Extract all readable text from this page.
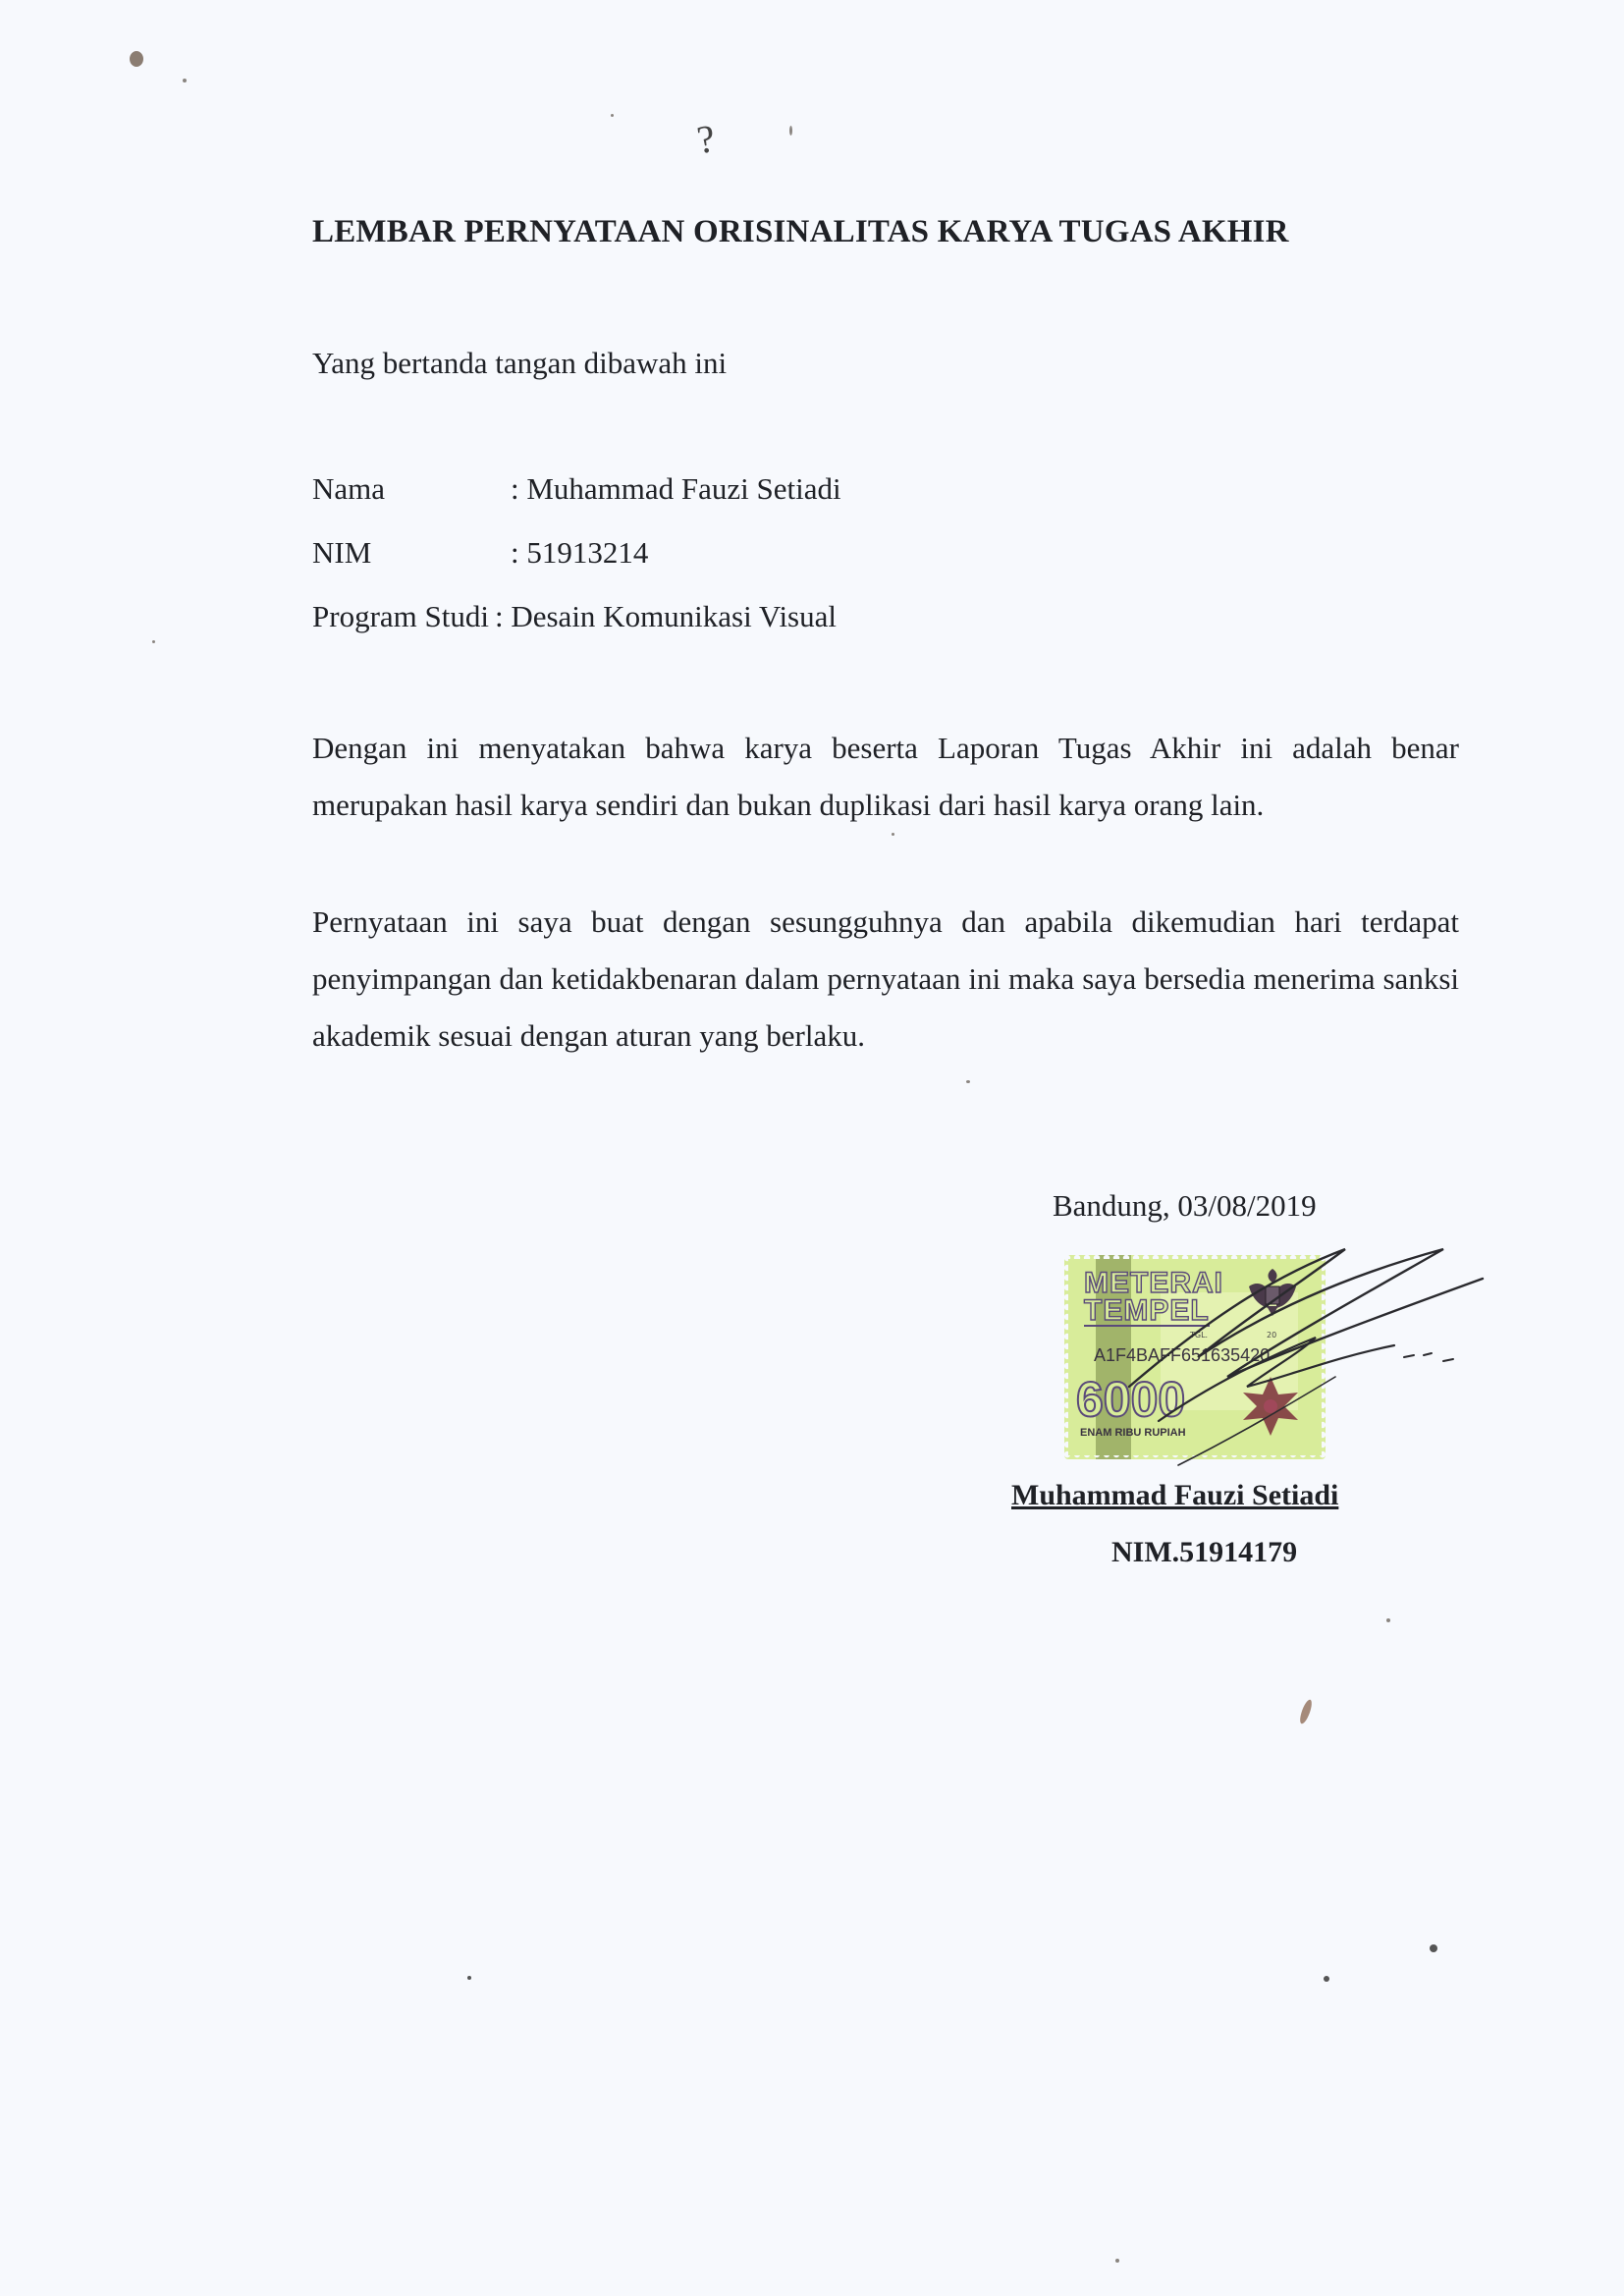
?
LEMBAR PERNYATAAN ORISINALITAS KARYA TUGAS AKHIR

Yang bertanda tangan dibawah ini

Nama	: Muhammad Fauzi Setiadi
NIM	: 51913214
Program Studi : Desain Komunikasi Visual

Dengan ini menyatakan bahwa karya beserta Laporan Tugas Akhir ini adalah benar merupakan hasil karya sendiri dan bukan duplikasi dari hasil karya orang lain.

Pernyataan ini saya buat dengan sesungguhnya dan apabila dikemudian hari terdapat penyimpangan dan ketidakbenaran dalam pernyataan ini maka saya bersedia menerima sanksi akademik sesuai dengan aturan yang berlaku.

Bandung, 03/08/2019
METERAI
TEMPEL
TGL.	20
A1F4BAFF651635420
6000
ENAM RIBU RUPIAH
Muhammad Fauzi Setiadi
NIM.51914179
